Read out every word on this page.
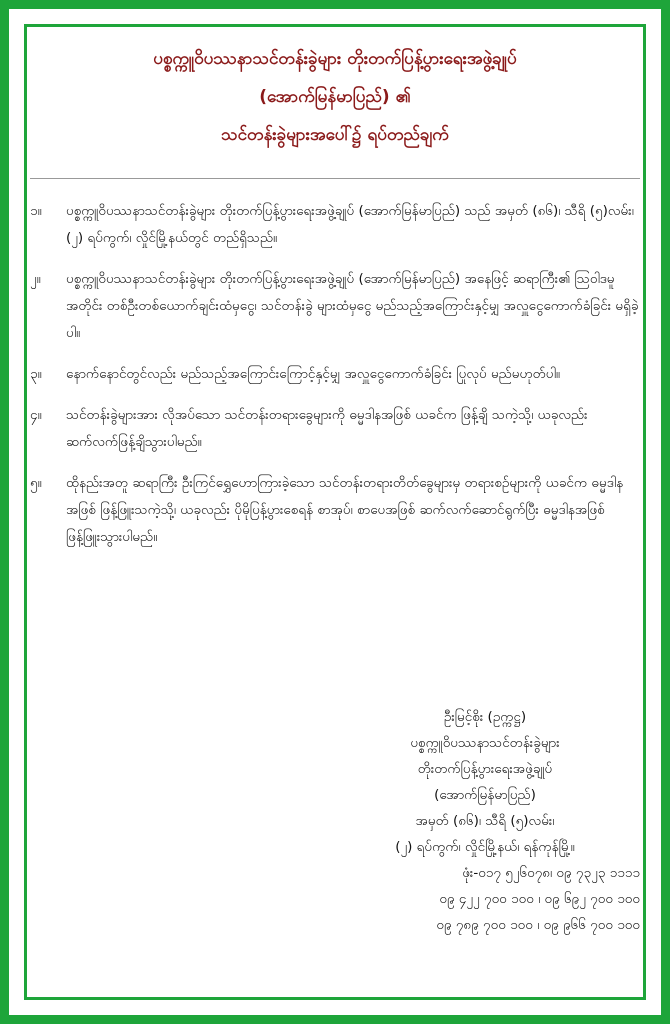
ပစ္စက္ကူဝိပဿနာသင်တန်းခွဲများ တိုးတက်ပြန့်ပွားရေးအဖွဲ့ချုပ်
(အောက်မြန်မာပြည်) ၏
သင်တန်းခွဲများအပေါ်၌ ရပ်တည်ချက်
၁။	ပစ္စက္ကူဝိပဿနာသင်တန်းခွဲများ တိုးတက်ပြန့်ပွားရေးအဖွဲ့ချုပ် (အောက်မြန်မာပြည်) သည် အမှတ် (၈၆)၊ သီရိ (၅)လမ်း၊ (၂) ရပ်ကွက်၊ လှိုင်မြို့နယ်တွင် တည်ရှိသည်။
၂။	ပစ္စက္ကူဝိပဿနာသင်တန်းခွဲများ တိုးတက်ပြန့်ပွားရေးအဖွဲ့ချုပ် (အောက်မြန်မာပြည်) အနေဖြင့် ဆရာကြီး၏ ဩဝါဒမူအတိုင်း တစ်ဦးတစ်ယောက်ချင်းထံမှငွေ၊ သင်တန်းခွဲ များထံမှငွေ မည်သည့်အကြောင်းနှင့်မျှ အလှူငွေကောက်ခံခြင်း မရှိခဲ့ပါ။
၃။	နောက်နောင်တွင်လည်း မည်သည့်အကြောင်းကြောင့်နှင့်မျှ အလှူငွေကောက်ခံခြင်း ပြုလုပ် မည်မဟုတ်ပါ။
၄။	သင်တန်းခွဲများအား လိုအပ်သော သင်တန်းတရားခွေများကို ဓမ္မဒါနအဖြစ် ယခင်က ဖြန့်ချိ သကဲ့သို့၊ ယခုလည်း ဆက်လက်ဖြန့်ချိသွားပါမည်။
၅။	ထိုနည်းအတူ ဆရာကြီး ဦးကြင်ရွှေဟောကြားခဲ့သော သင်တန်းတရားတိတ်ခွေများမှ တရားစဉ်များကို ယခင်က ဓမ္မဒါနအဖြစ် ဖြန့်ဖြူးသကဲ့သို့၊ ယခုလည်း ပိုမိုပြန့်ပွားစေရန် စာအုပ်၊ စာပေအဖြစ် ဆက်လက်ဆောင်ရွက်ပြီး ဓမ္မဒါနအဖြစ် ဖြန့်ဖြူးသွားပါမည်။
ဦးမြင့်စိုး (ဥက္ကဋ္ဌ)
ပစ္စက္ကူဝိပဿနာသင်တန်းခွဲများ
တိုးတက်ပြန့်ပွားရေးအဖွဲ့ချုပ်
(အောက်မြန်မာပြည်)
အမှတ် (၈၆)၊ သီရိ (၅)လမ်း၊
(၂) ရပ်ကွက်၊ လှိုင်မြို့နယ်၊ ရန်ကုန်မြို့။
ဖုံး-၀၁၇ ၅၂၆၀၇၈၊ ၀၉ ၇၃၂၃ ၁၁၁၁
၀၉ ၄၂၂ ၇၀၀ ၁၀၀ ၊ ၀၉ ၆၉၂ ၇၀၀ ၁၀၀
၀၉ ၇၈၉ ၇၀၀ ၁၀၀ ၊ ၀၉ ၉၆၆ ၇၀၀ ၁၀၀
